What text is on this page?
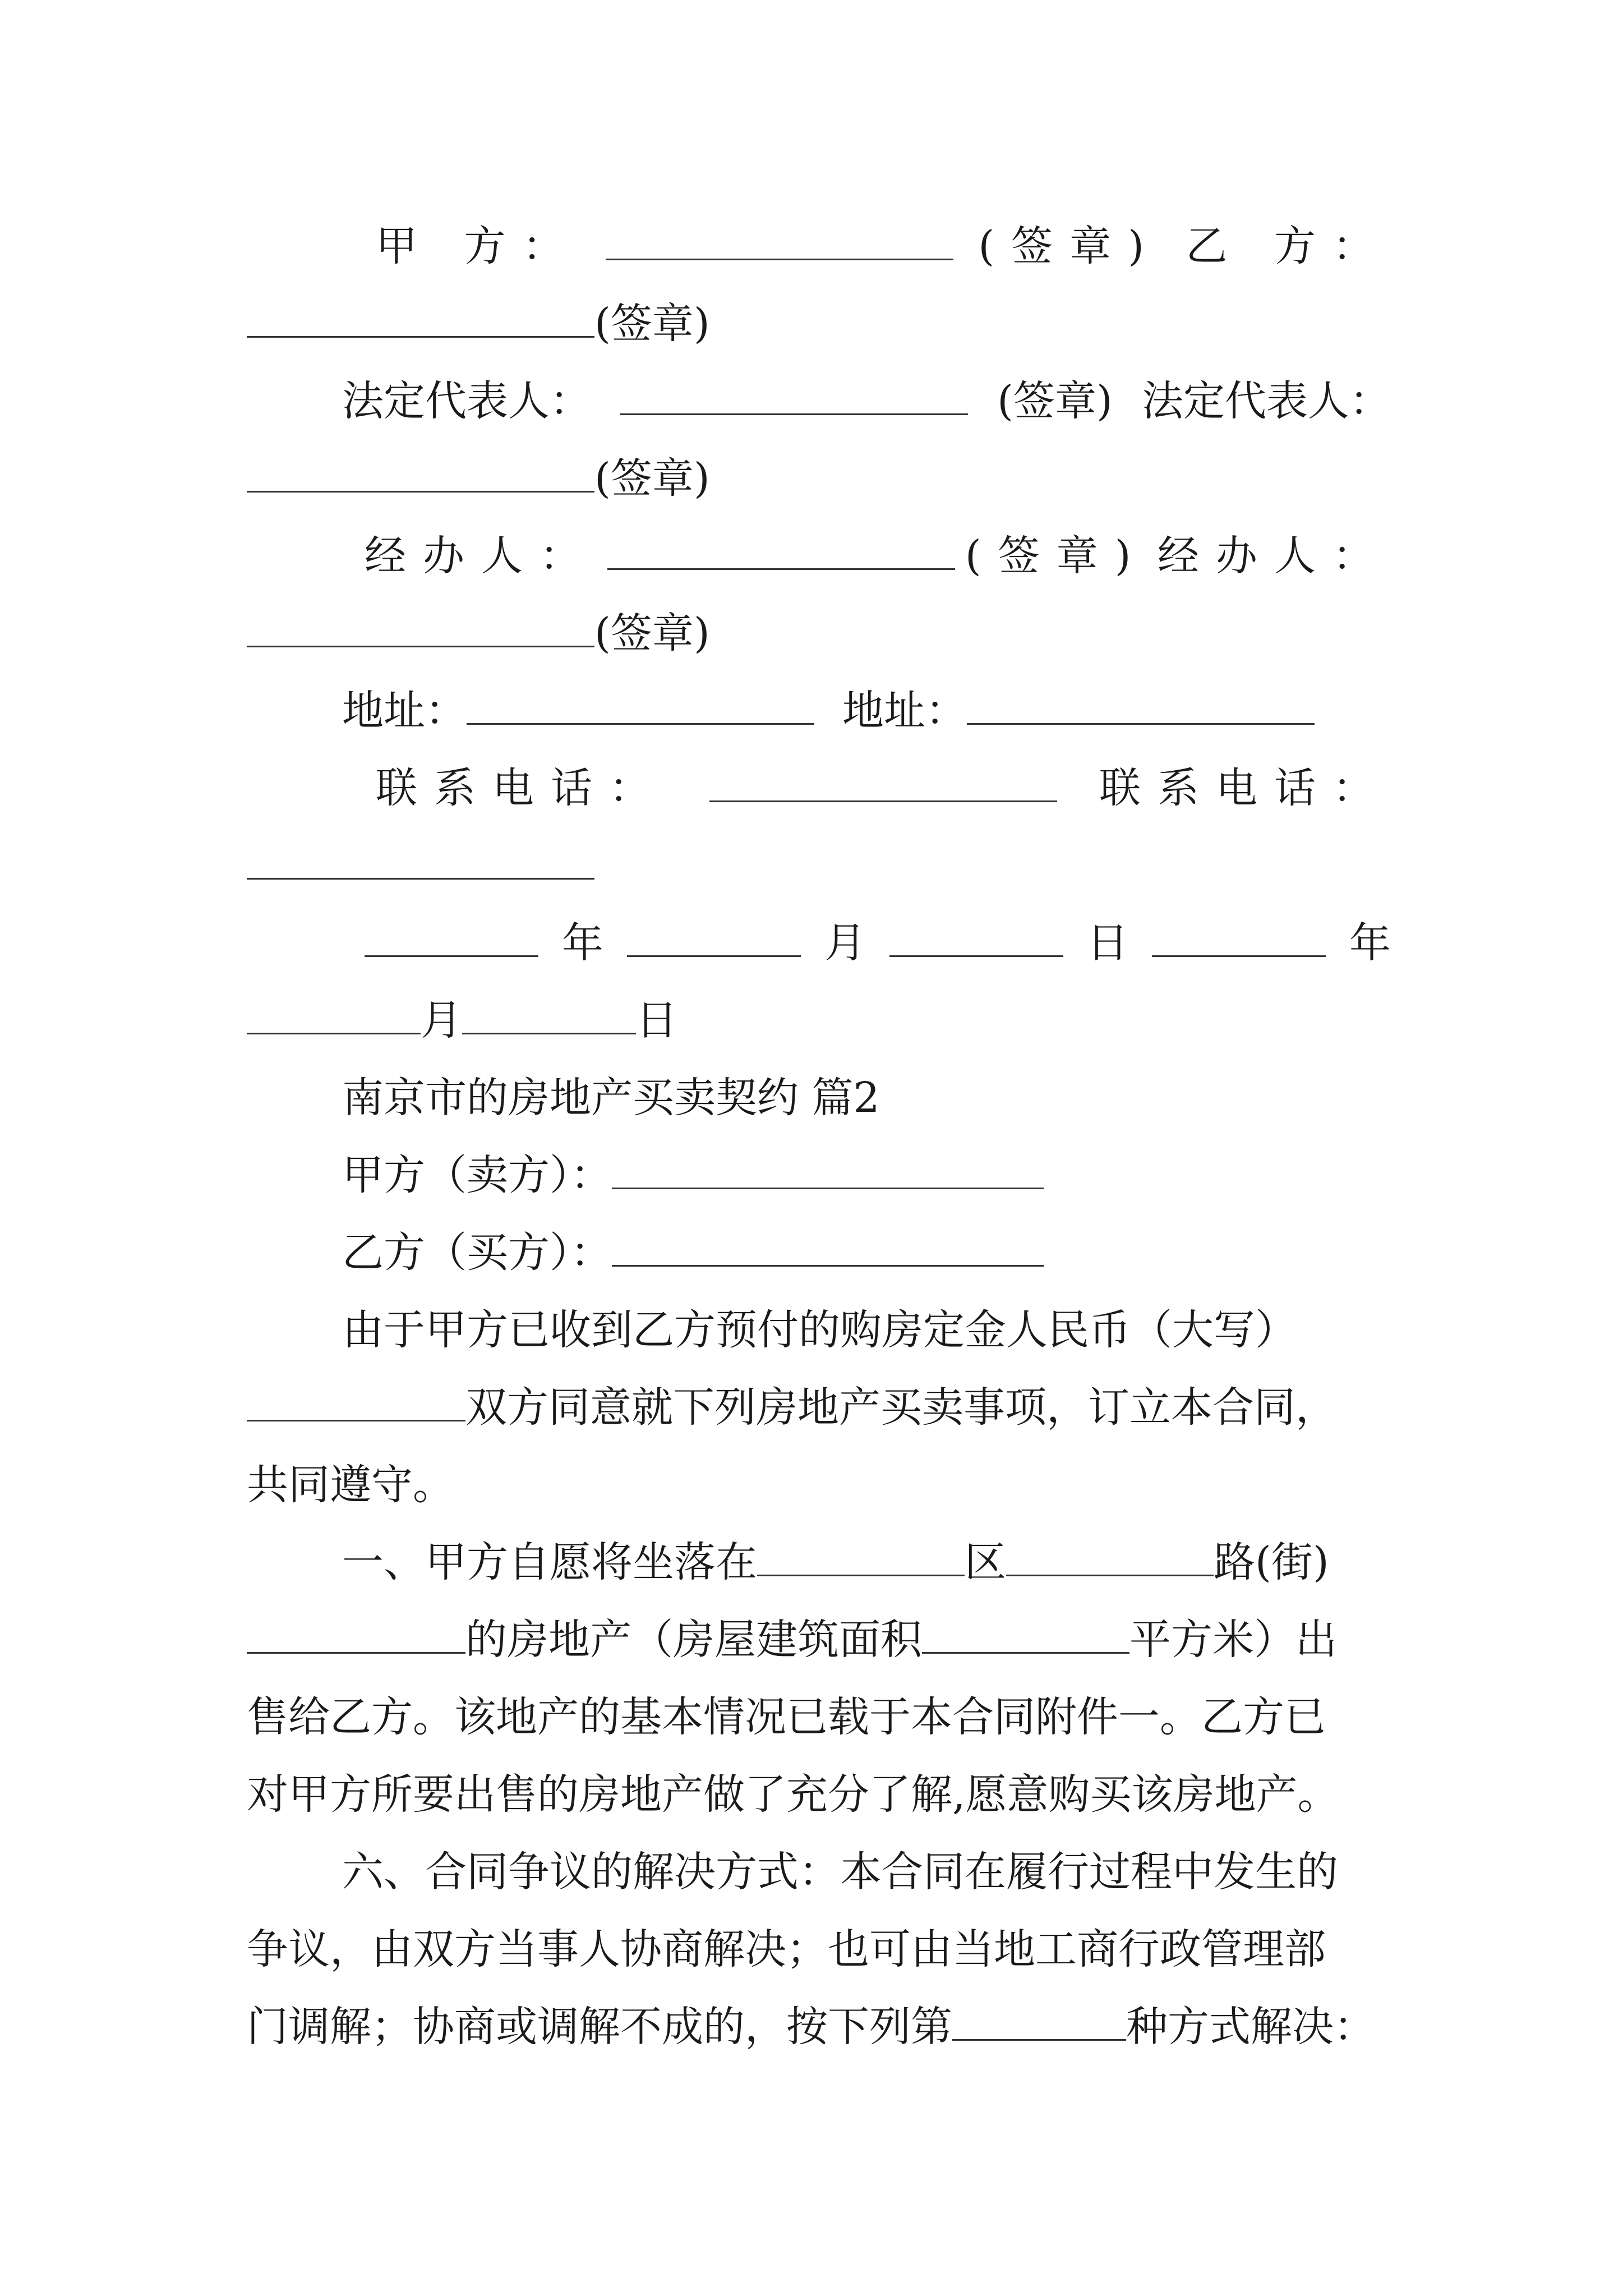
甲 方：	(签章) 乙 方：
(签章)
法定代表人：	(签章) 法定代表人：
(签章)
经办人：	(签章) 经办人：
(签章)
地址：	地址：
联系电话：	联系电话：
年	月	日	年
月	日
南京市的房地产买卖契约 篇2
甲方（卖方）：
乙方（买方）：
由于甲方已收到乙方预付的购房定金人民币（大写）
双方同意就下列房地产买卖事项，订立本合同，
共同遵守。
一、甲方自愿将坐落在	区	路(街)
的房地产（房屋建筑面积	平方米）出
售给乙方。该地产的基本情况已载于本合同附件一。乙方已
对甲方所要出售的房地产做了充分了解,愿意购买该房地产。
六、合同争议的解决方式：本合同在履行过程中发生的
争议，由双方当事人协商解决；也可由当地工商行政管理部
门调解；协商或调解不成的，按下列第	种方式解决：
